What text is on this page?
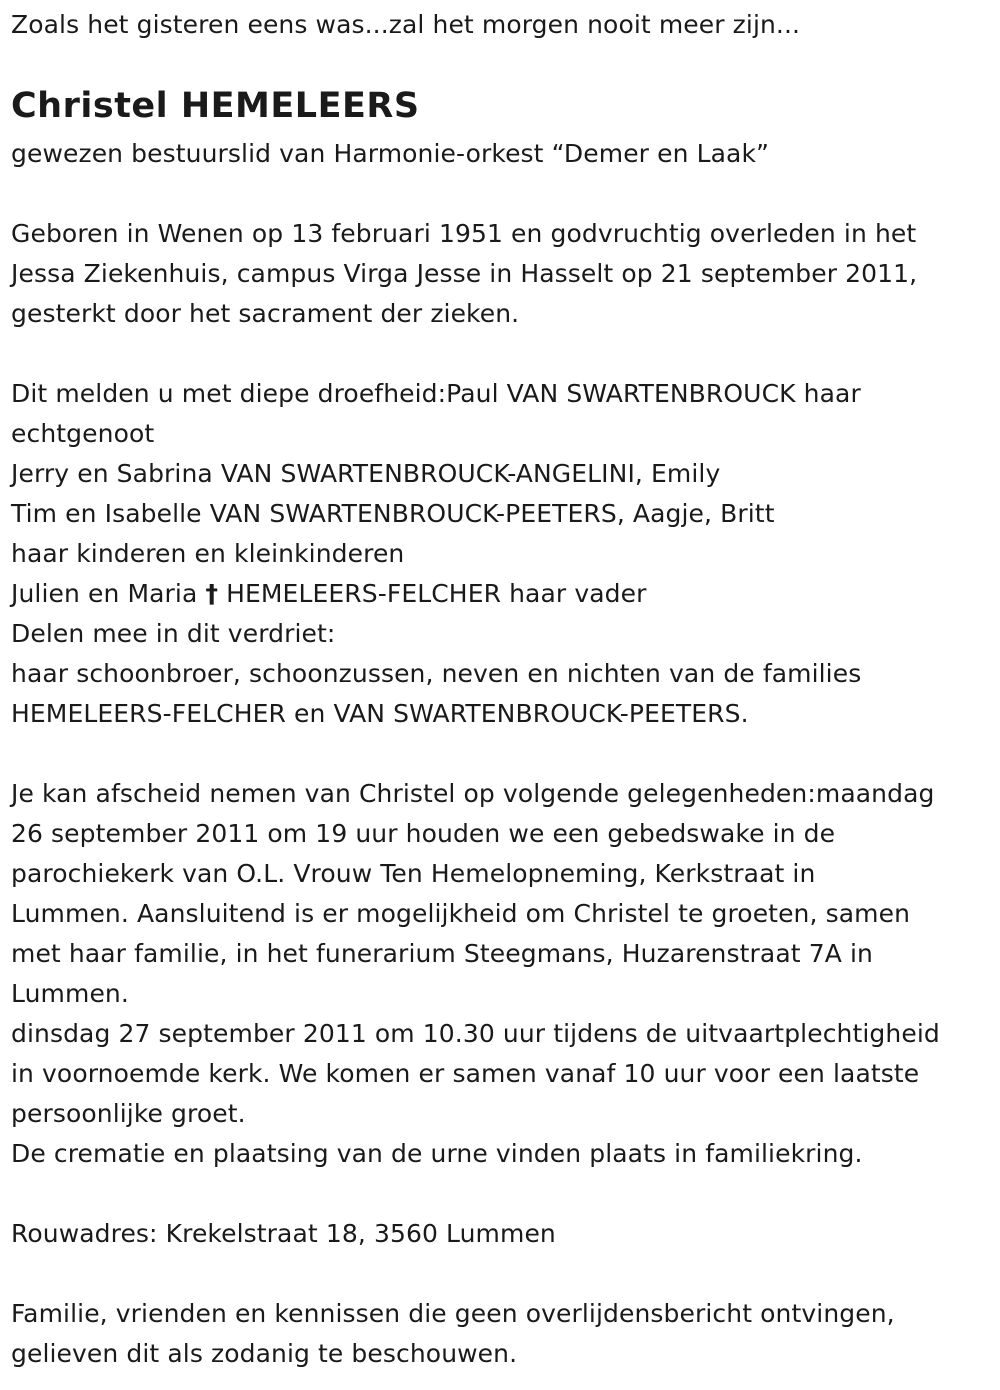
Zoals het gisteren eens was...zal het morgen nooit meer zijn...
Christel HEMELEERS
gewezen bestuurslid van Harmonie-orkest “Demer en Laak”
Geboren in Wenen op 13 februari 1951 en godvruchtig overleden in het
Jessa Ziekenhuis, campus Virga Jesse in Hasselt op 21 september 2011,
gesterkt door het sacrament der zieken.
Dit melden u met diepe droefheid:Paul VAN SWARTENBROUCK haar
echtgenoot
Jerry en Sabrina VAN SWARTENBROUCK-ANGELINI, Emily
Tim en Isabelle VAN SWARTENBROUCK-PEETERS, Aagje, Britt
haar kinderen en kleinkinderen
Julien en Maria † HEMELEERS-FELCHER haar vader
Delen mee in dit verdriet:
haar schoonbroer, schoonzussen, neven en nichten van de families
HEMELEERS-FELCHER en VAN SWARTENBROUCK-PEETERS.
Je kan afscheid nemen van Christel op volgende gelegenheden:maandag
26 september 2011 om 19 uur houden we een gebedswake in de
parochiekerk van O.L. Vrouw Ten Hemelopneming, Kerkstraat in
Lummen. Aansluitend is er mogelijkheid om Christel te groeten, samen
met haar familie, in het funerarium Steegmans, Huzarenstraat 7A in
Lummen.
dinsdag 27 september 2011 om 10.30 uur tijdens de uitvaartplechtigheid
in voornoemde kerk. We komen er samen vanaf 10 uur voor een laatste
persoonlijke groet.
De crematie en plaatsing van de urne vinden plaats in familiekring.
Rouwadres: Krekelstraat 18, 3560 Lummen
Familie, vrienden en kennissen die geen overlijdensbericht ontvingen,
gelieven dit als zodanig te beschouwen.
